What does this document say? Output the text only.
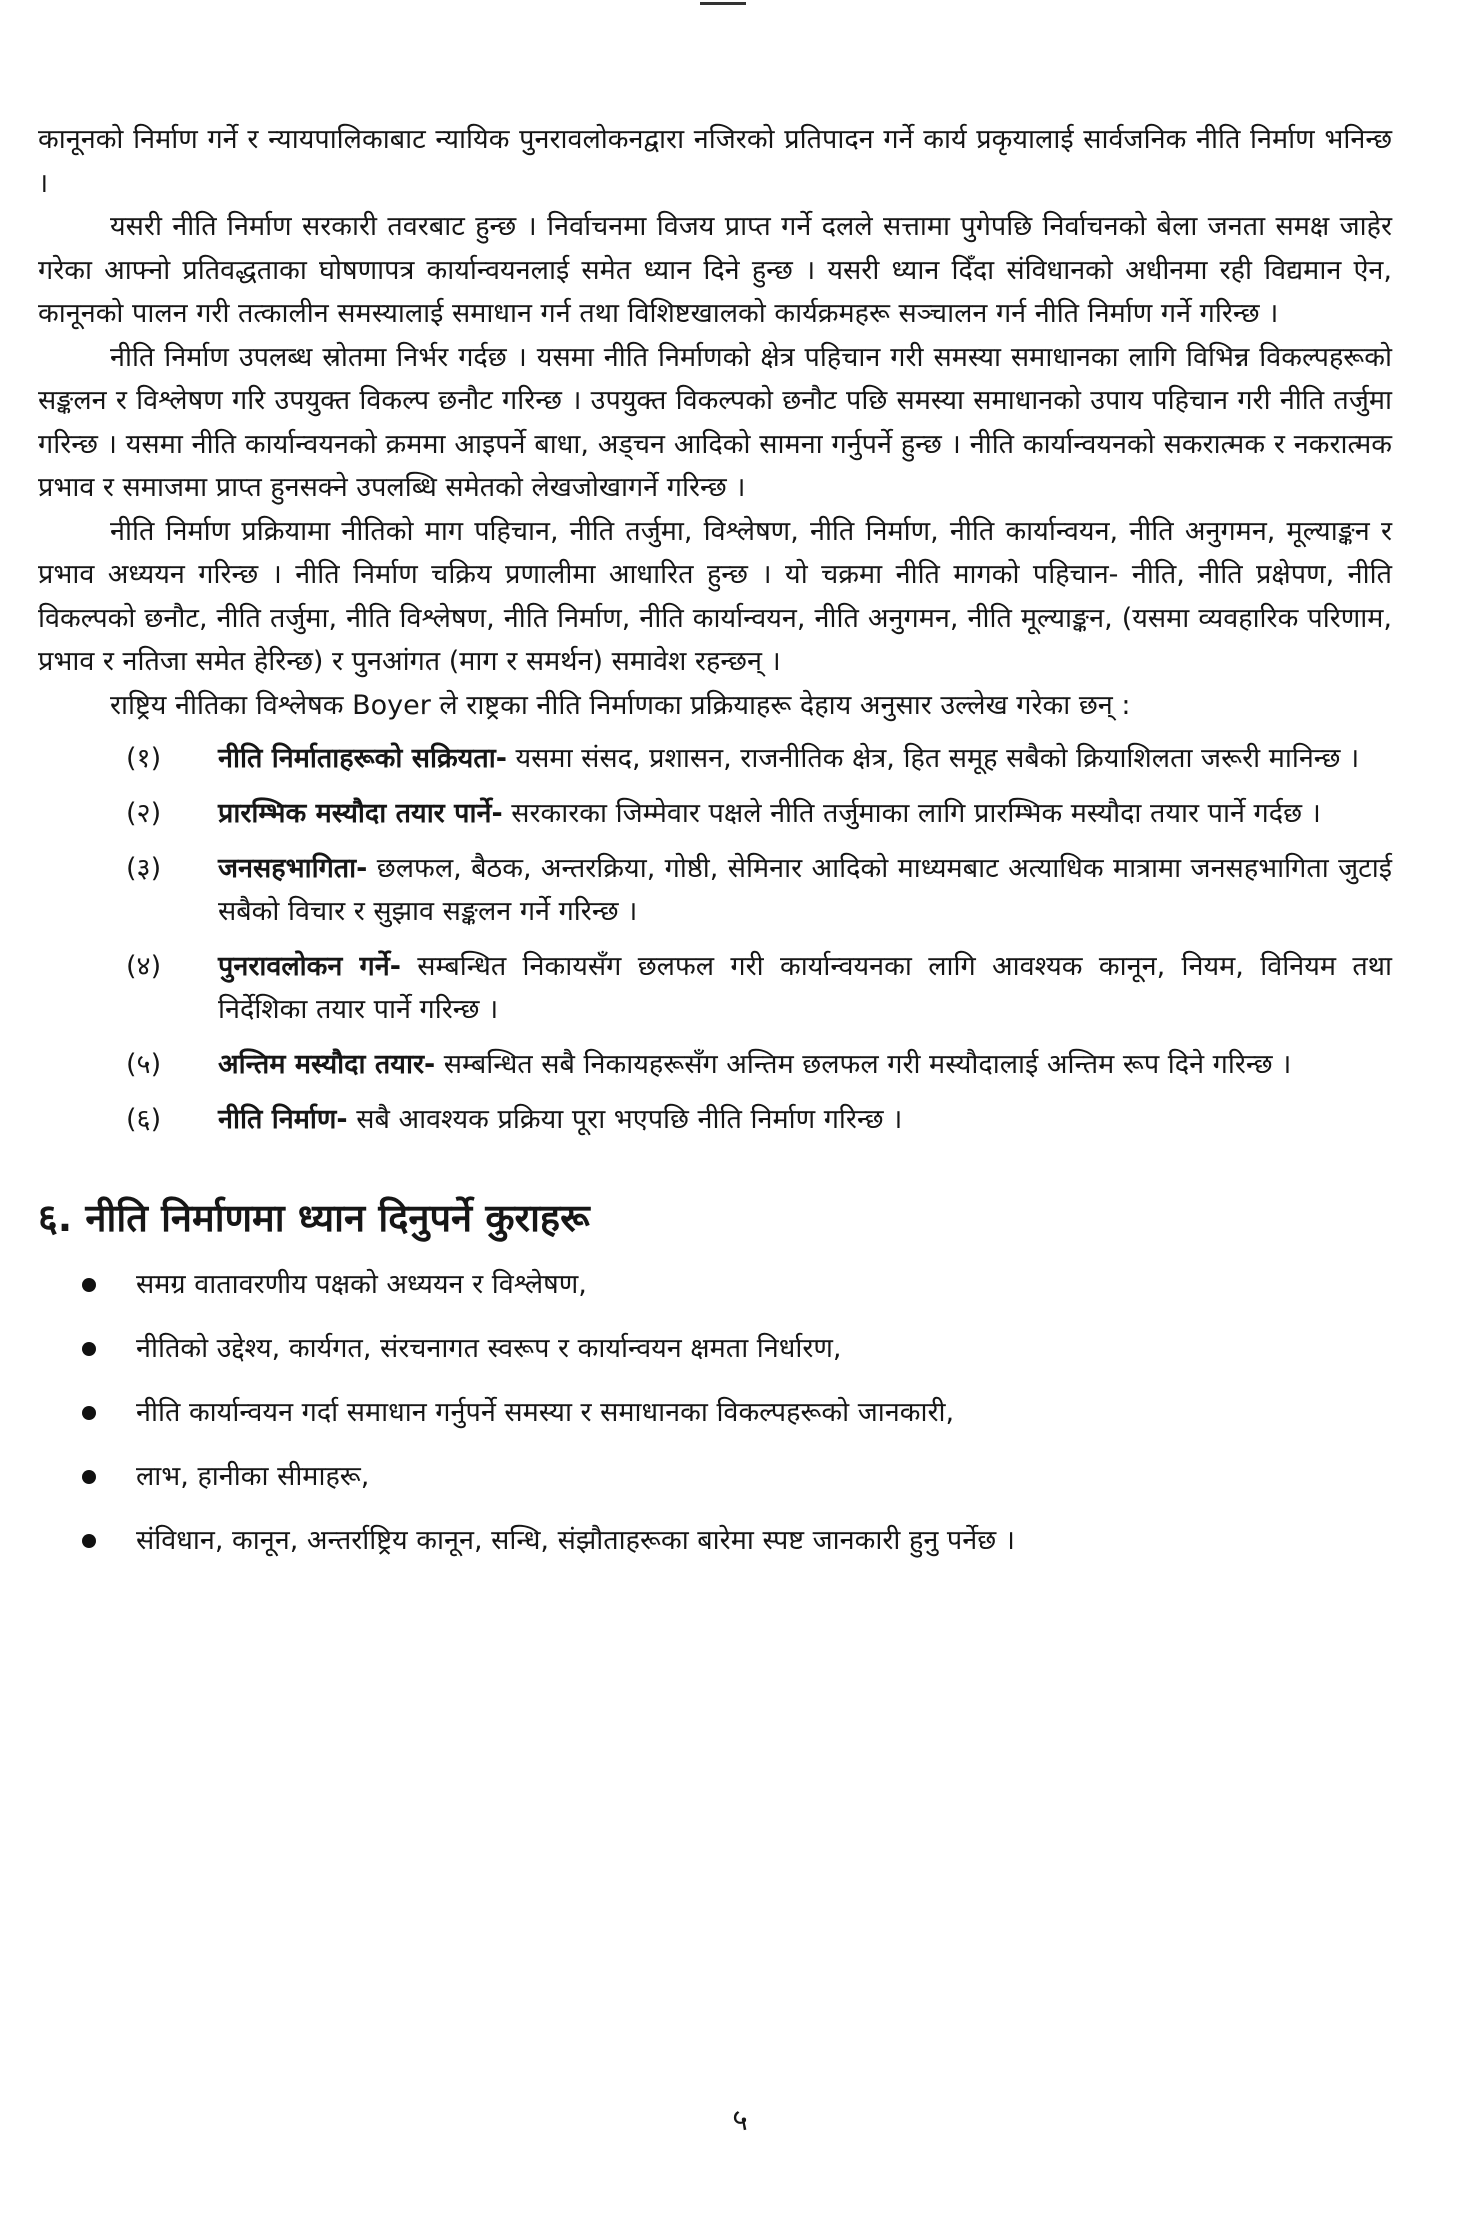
कानूनको निर्माण गर्ने र न्यायपालिकाबाट न्यायिक पुनरावलोकनद्वारा नजिरको प्रतिपादन गर्ने कार्य प्रकृयालाई सार्वजनिक नीति निर्माण भनिन्छ ।

यसरी नीति निर्माण सरकारी तवरबाट हुन्छ । निर्वाचनमा विजय प्राप्त गर्ने दलले सत्तामा पुगेपछि निर्वाचनको बेला जनता समक्ष जाहेर गरेका आफ्नो प्रतिवद्धताका घोषणापत्र कार्यान्वयनलाई समेत ध्यान दिने हुन्छ । यसरी ध्यान दिँदा संविधानको अधीनमा रही विद्यमान ऐन, कानूनको पालन गरी तत्कालीन समस्यालाई समाधान गर्न तथा विशिष्टखालको कार्यक्रमहरू सञ्चालन गर्न नीति निर्माण गर्ने गरिन्छ ।

नीति निर्माण उपलब्ध स्रोतमा निर्भर गर्दछ । यसमा नीति निर्माणको क्षेत्र पहिचान गरी समस्या समाधानका लागि विभिन्न विकल्पहरूको सङ्कलन र विश्लेषण गरि उपयुक्त विकल्प छनौट गरिन्छ । उपयुक्त विकल्पको छनौट पछि समस्या समाधानको उपाय पहिचान गरी नीति तर्जुमा गरिन्छ । यसमा नीति कार्यान्वयनको क्रममा आइपर्ने बाधा, अड्चन आदिको सामना गर्नुपर्ने हुन्छ । नीति कार्यान्वयनको सकरात्मक र नकरात्मक प्रभाव र समाजमा प्राप्त हुनसक्ने उपलब्धि समेतको लेखजोखागर्ने गरिन्छ ।

नीति निर्माण प्रक्रियामा नीतिको माग पहिचान, नीति तर्जुमा, विश्लेषण, नीति निर्माण, नीति कार्यान्वयन, नीति अनुगमन, मूल्याङ्कन र प्रभाव अध्ययन गरिन्छ । नीति निर्माण चक्रिय प्रणालीमा आधारित हुन्छ । यो चक्रमा नीति मागको पहिचान- नीति, नीति प्रक्षेपण, नीति विकल्पको छनौट, नीति तर्जुमा, नीति विश्लेषण, नीति निर्माण, नीति कार्यान्वयन, नीति अनुगमन, नीति मूल्याङ्कन, (यसमा व्यवहारिक परिणाम, प्रभाव र नतिजा समेत हेरिन्छ) र पुनआंगत (माग र समर्थन) समावेश रहन्छन् ।

राष्ट्रिय नीतिका विश्लेषक Boyer ले राष्ट्रका नीति निर्माणका प्रक्रियाहरू देहाय अनुसार उल्लेख गरेका छन् :

(१)	नीति निर्माताहरूको सक्रियता- यसमा संसद, प्रशासन, राजनीतिक क्षेत्र, हित समूह सबैको क्रियाशिलता जरूरी मानिन्छ ।
(२)	प्रारम्भिक मस्यौदा तयार पार्ने- सरकारका जिम्मेवार पक्षले नीति तर्जुमाका लागि प्रारम्भिक मस्यौदा तयार पार्ने गर्दछ ।
(३)	जनसहभागिता- छलफल, बैठक, अन्तरक्रिया, गोष्ठी, सेमिनार आदिको माध्यमबाट अत्याधिक मात्रामा जनसहभागिता जुटाई सबैको विचार र सुझाव सङ्कलन गर्ने गरिन्छ ।
(४)	पुनरावलोकन गर्ने- सम्बन्धित निकायसँग छलफल गरी कार्यान्वयनका लागि आवश्यक कानून, नियम, विनियम तथा निर्देशिका तयार पार्ने गरिन्छ ।
(५)	अन्तिम मस्यौदा तयार- सम्बन्धित सबै निकायहरूसँग अन्तिम छलफल गरी मस्यौदालाई अन्तिम रूप दिने गरिन्छ ।
(६)	नीति निर्माण- सबै आवश्यक प्रक्रिया पूरा भएपछि नीति निर्माण गरिन्छ ।
६. नीति निर्माणमा ध्यान दिनुपर्ने कुराहरू
समग्र वातावरणीय पक्षको अध्ययन र विश्लेषण,
नीतिको उद्देश्य, कार्यगत, संरचनागत स्वरूप र कार्यान्वयन क्षमता निर्धारण,
नीति कार्यान्वयन गर्दा समाधान गर्नुपर्ने समस्या र समाधानका विकल्पहरूको जानकारी,
लाभ, हानीका सीमाहरू,
संविधान, कानून, अन्तर्राष्ट्रिय कानून, सन्धि, संझौताहरूका बारेमा स्पष्ट जानकारी हुनु पर्नेछ ।
५
